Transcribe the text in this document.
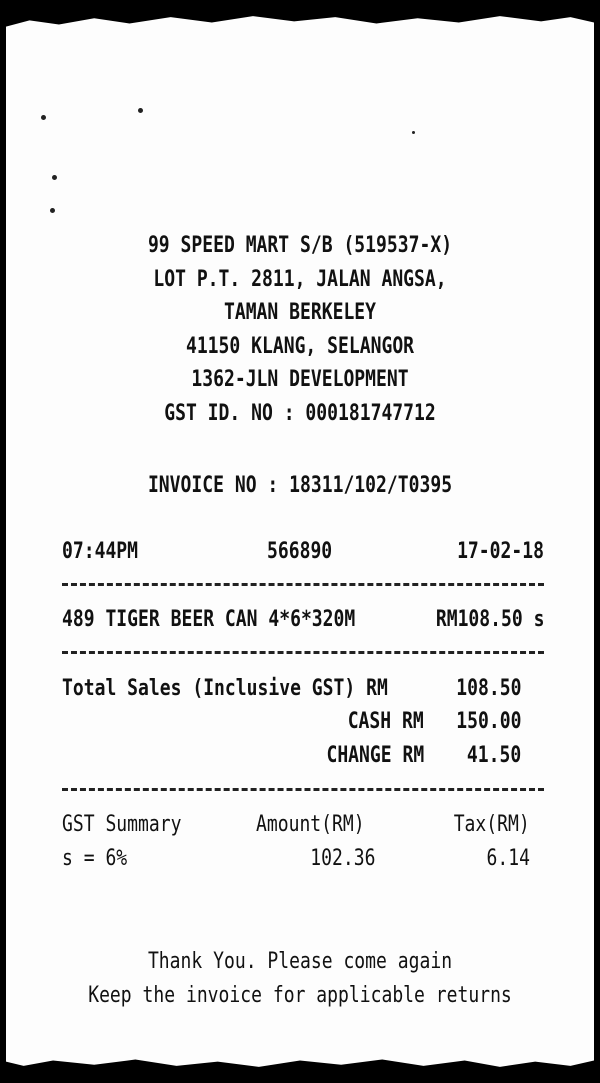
99 SPEED MART S/B (519537-X)
LOT P.T. 2811, JALAN ANGSA,
TAMAN BERKELEY
41150 KLANG, SELANGOR
1362-JLN DEVELOPMENT
GST ID. NO : 000181747712
INVOICE NO : 18311/102/T0395
07:44PM	566890	17-02-18
489 TIGER BEER CAN 4*6*320M	RM108.50 s
Total Sales (Inclusive GST) RM	108.50
CASH RM 150.00
CHANGE RM 41.50
GST Summary	Amount(RM)	Tax(RM)
s = 6%	102.36	6.14
Thank You. Please come again
Keep the invoice for applicable returns
